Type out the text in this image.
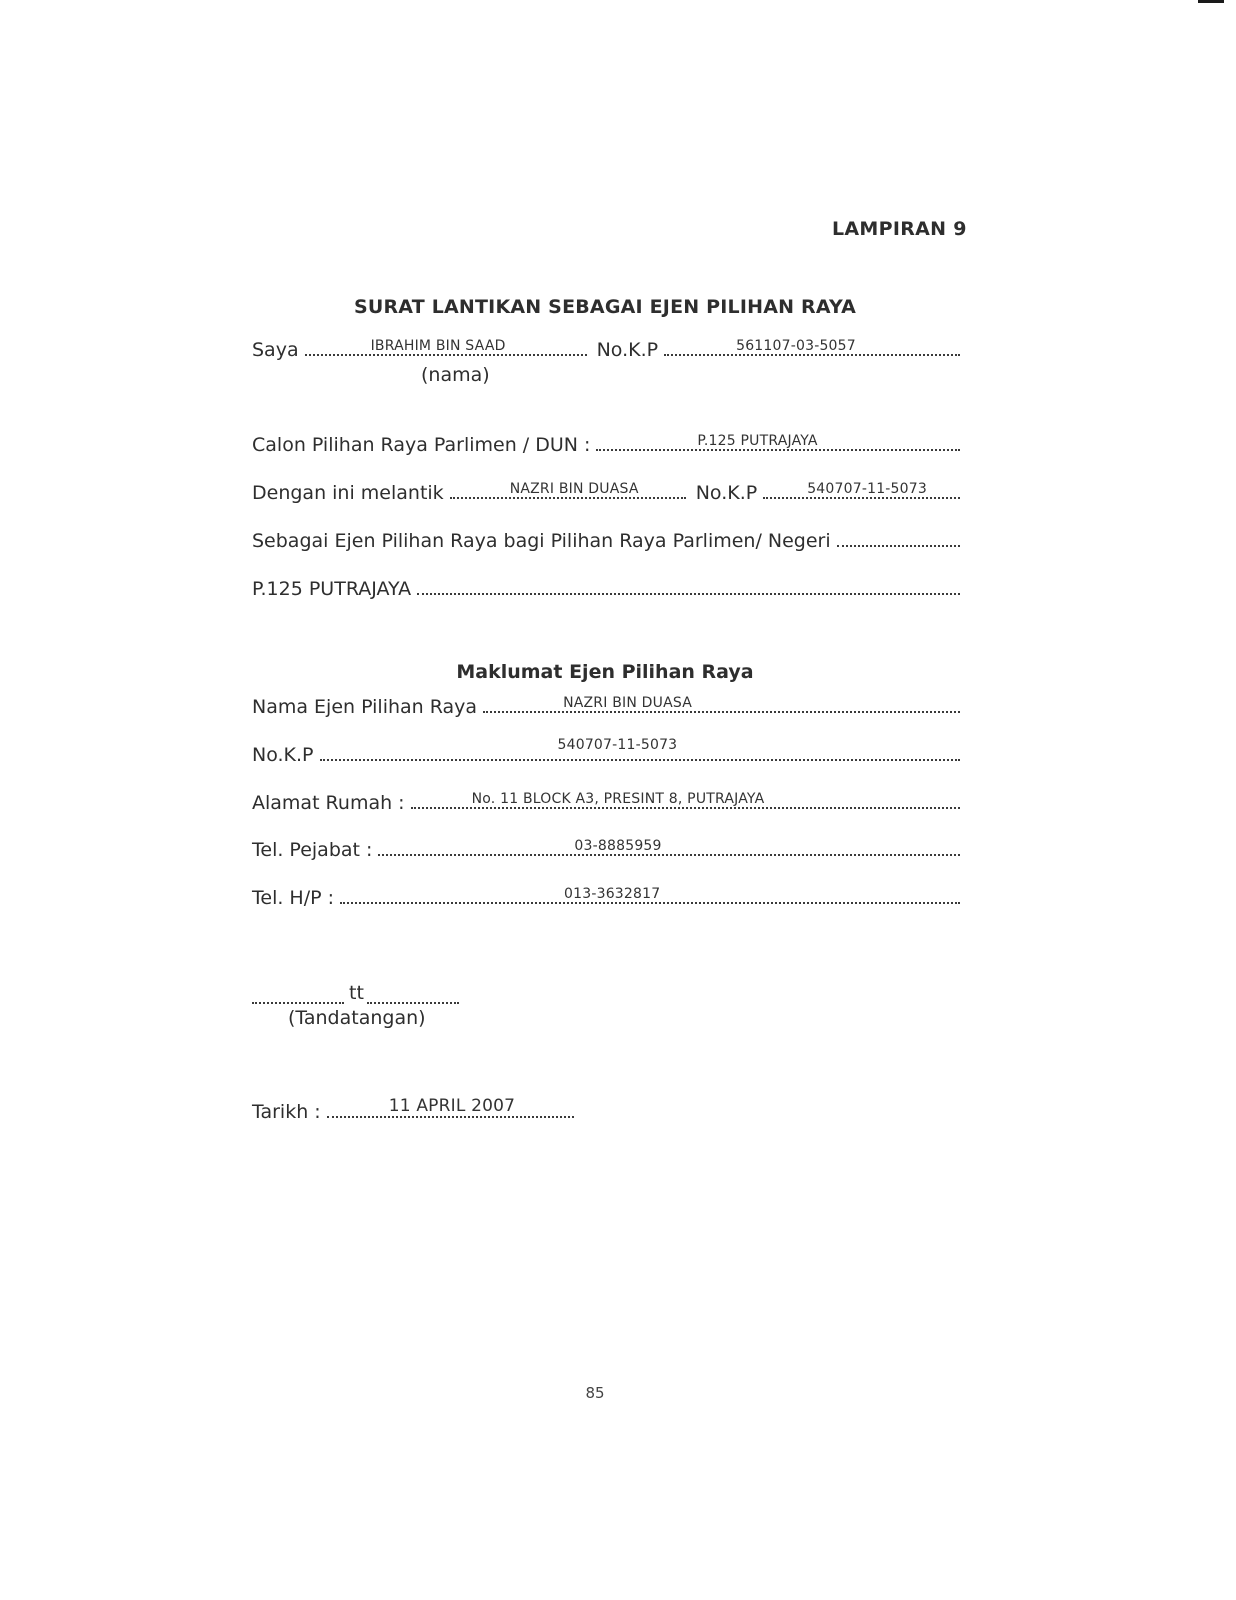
LAMPIRAN 9
SURAT LANTIKAN SEBAGAI EJEN PILIHAN RAYA
Saya	IBRAHIM BIN SAAD	No.K.P	561107-03-5057
(nama)
Calon Pilihan Raya Parlimen / DUN :	P.125 PUTRAJAYA
Dengan ini melantik	NAZRI BIN DUASA	No.K.P	540707-11-5073
Sebagai Ejen Pilihan Raya bagi Pilihan Raya Parlimen/ Negeri
P.125 PUTRAJAYA
Maklumat Ejen Pilihan Raya
Nama Ejen Pilihan Raya	NAZRI BIN DUASA
No.K.P	540707-11-5073
Alamat Rumah :	No. 11 BLOCK A3, PRESINT 8, PUTRAJAYA
Tel. Pejabat :	03-8885959
Tel. H/P :	013-3632817
tt
(Tandatangan)
Tarikh :	11 APRIL 2007
85
